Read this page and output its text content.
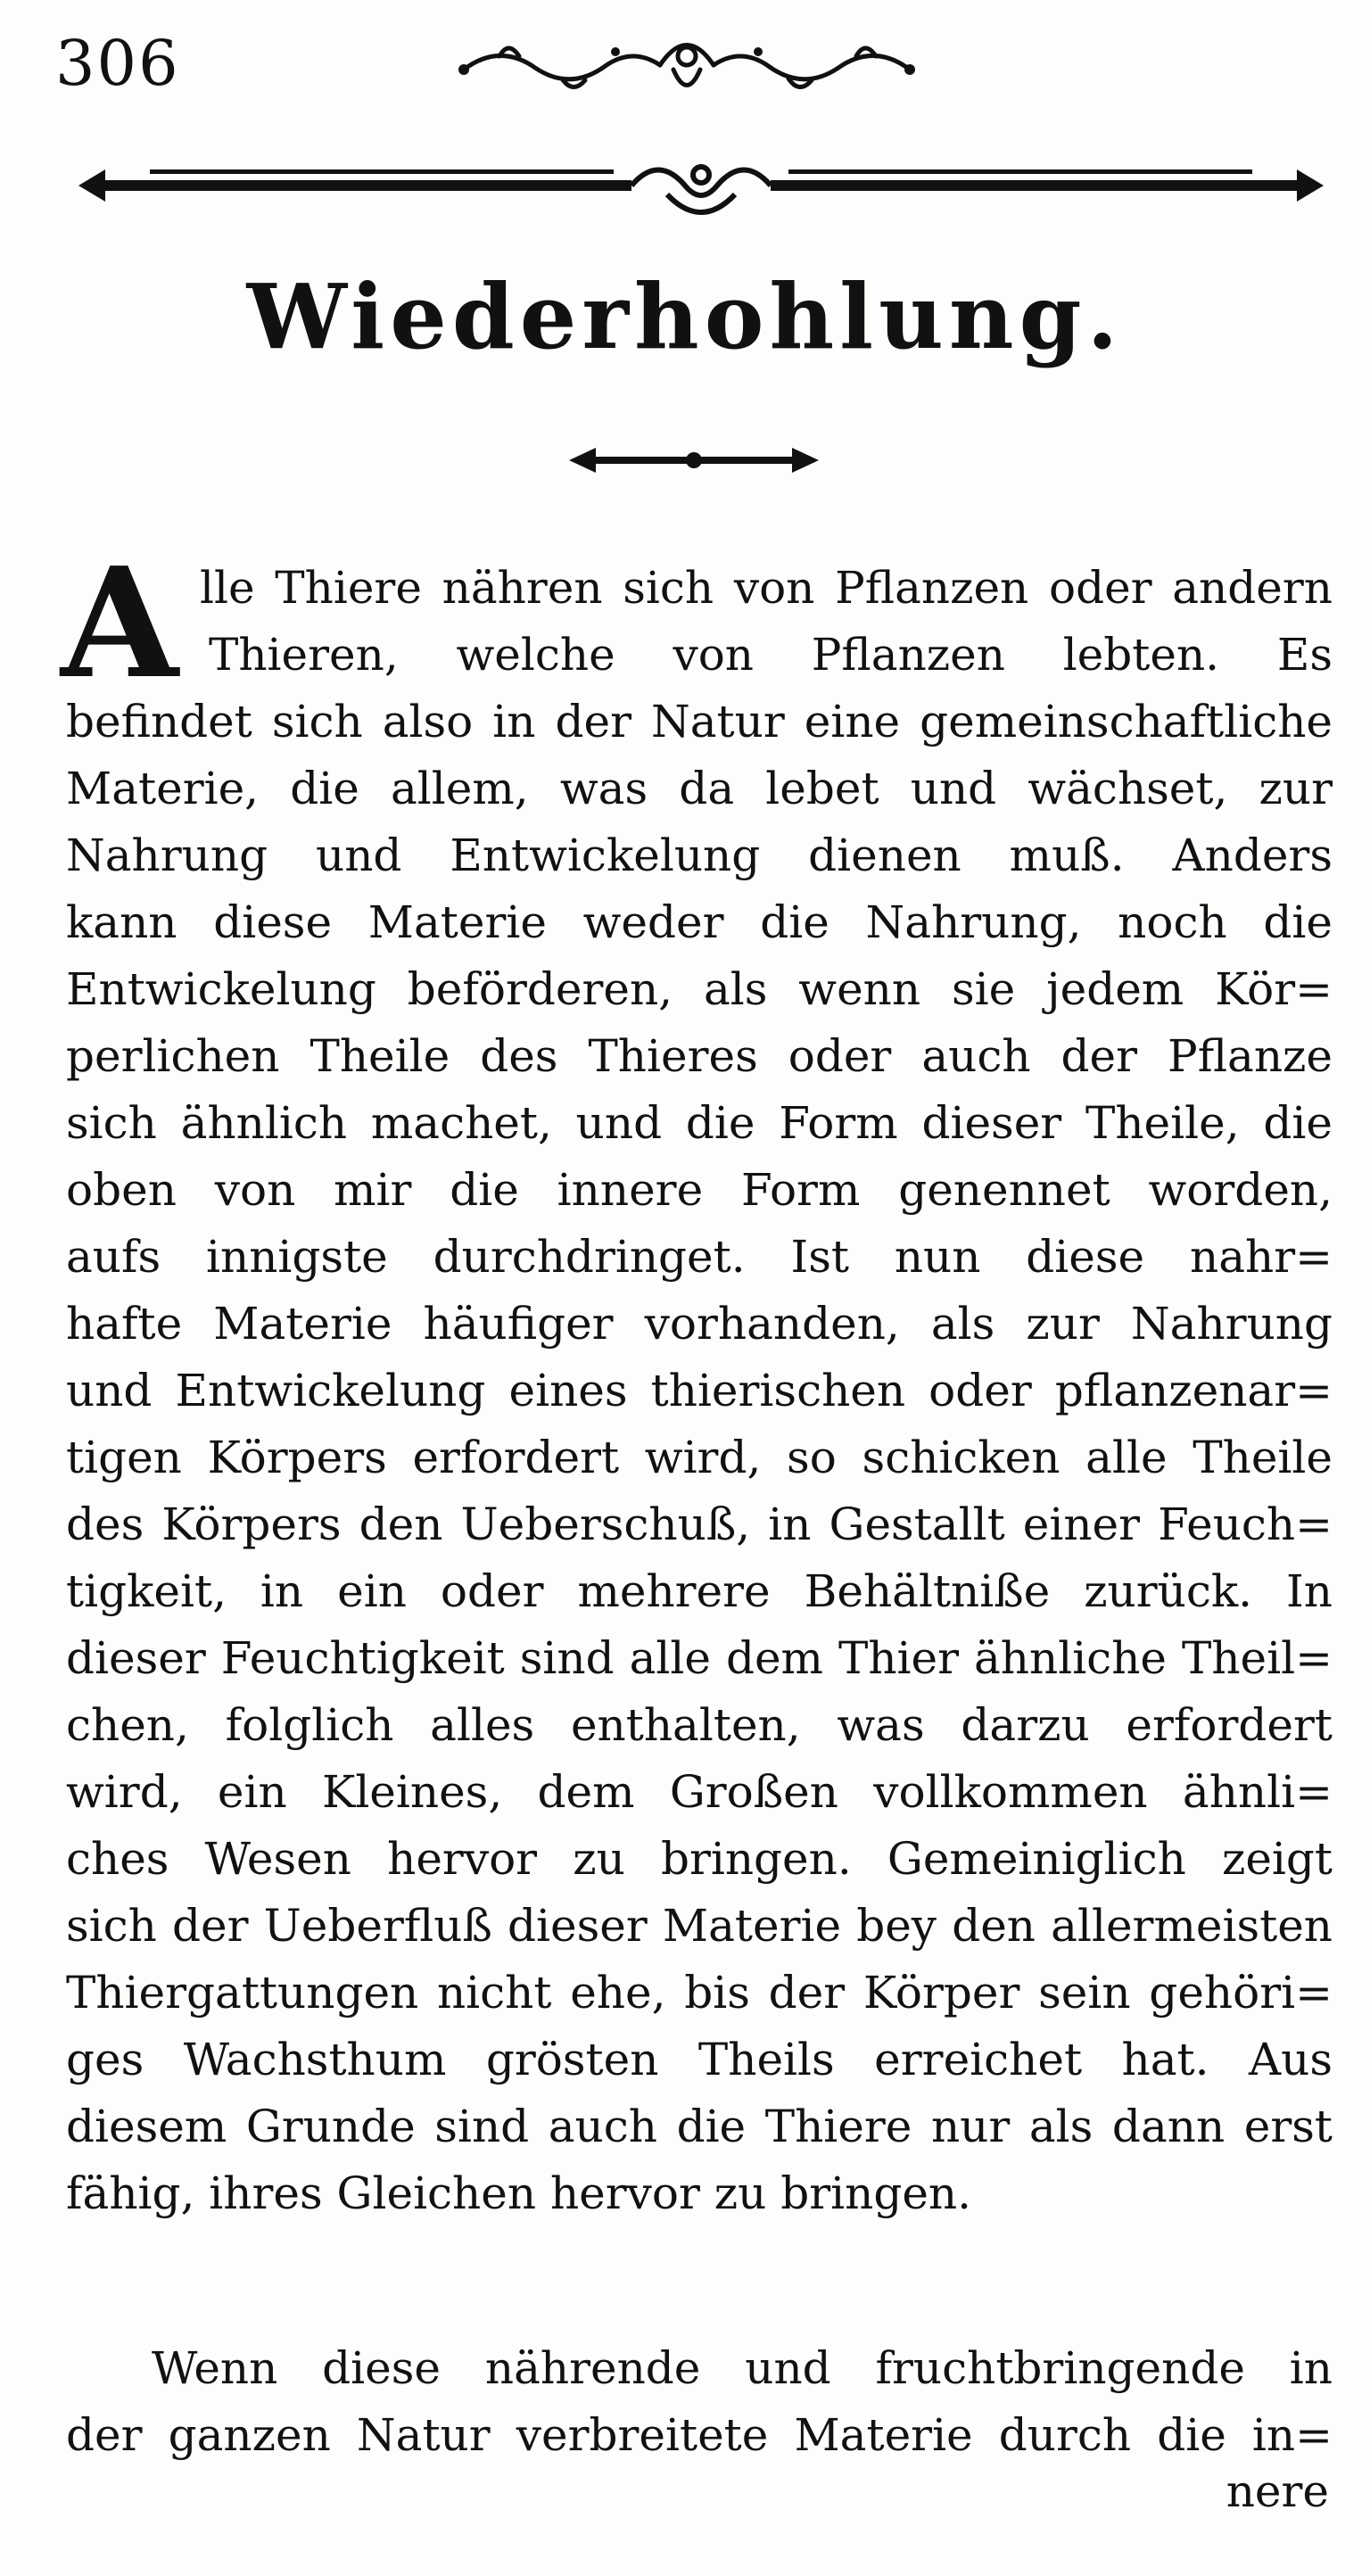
306
Wiederhohlung.
A lle Thiere nähren sich von Pflanzen oder andern
Thieren, welche von Pflanzen lebten. Es
befindet sich also in der Natur eine gemeinschaftliche
Materie, die allem, was da lebet und wächset, zur
Nahrung und Entwickelung dienen muß. Anders
kann diese Materie weder die Nahrung, noch die
Entwickelung beförderen, als wenn sie jedem Kör=
perlichen Theile des Thieres oder auch der Pflanze
sich ähnlich machet, und die Form dieser Theile, die
oben von mir die innere Form genennet worden,
aufs innigste durchdringet. Ist nun diese nahr=
hafte Materie häufiger vorhanden, als zur Nahrung
und Entwickelung eines thierischen oder pflanzenar=
tigen Körpers erfordert wird, so schicken alle Theile
des Körpers den Ueberschuß, in Gestallt einer Feuch=
tigkeit, in ein oder mehrere Behältniße zurück. In
dieser Feuchtigkeit sind alle dem Thier ähnliche Theil=
chen, folglich alles enthalten, was darzu erfordert
wird, ein Kleines, dem Großen vollkommen ähnli=
ches Wesen hervor zu bringen. Gemeiniglich zeigt
sich der Ueberfluß dieser Materie bey den allermeisten
Thiergattungen nicht ehe, bis der Körper sein gehöri=
ges Wachsthum grösten Theils erreichet hat. Aus
diesem Grunde sind auch die Thiere nur als dann erst
fähig, ihres Gleichen hervor zu bringen.
Wenn diese nährende und fruchtbringende in
der ganzen Natur verbreitete Materie durch die in=
nere
